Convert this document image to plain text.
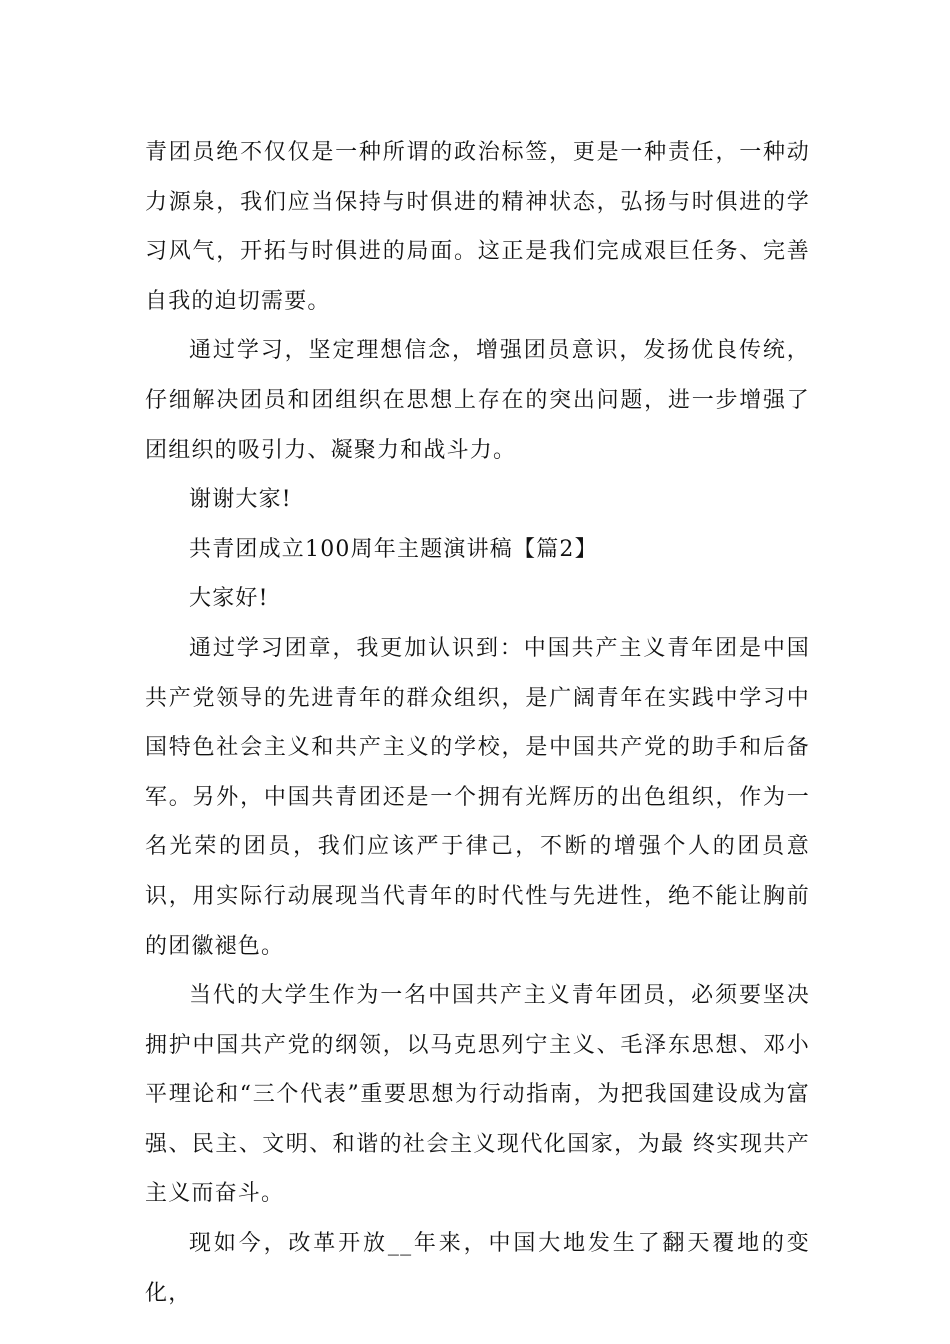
青团员绝不仅仅是一种所谓的政治标签，更是一种责任，一种动力源泉，我们应当保持与时俱进的精神状态，弘扬与时俱进的学习风气，开拓与时俱进的局面。这正是我们完成艰巨任务、完善自我的迫切需要。

通过学习，坚定理想信念，增强团员意识，发扬优良传统，仔细解决团员和团组织在思想上存在的突出问题，进一步增强了团组织的吸引力、凝聚力和战斗力。

谢谢大家!

共青团成立100周年主题演讲稿【篇2】

大家好!

通过学习团章，我更加认识到：中国共产主义青年团是中国共产党领导的先进青年的群众组织，是广阔青年在实践中学习中国特色社会主义和共产主义的学校，是中国共产党的助手和后备军。另外，中国共青团还是一个拥有光辉历的出色组织，作为一名光荣的团员，我们应该严于律己，不断的增强个人的团员意识，用实际行动展现当代青年的时代性与先进性，绝不能让胸前的团徽褪色。

当代的大学生作为一名中国共产主义青年团员，必须要坚决拥护中国共产党的纲领，以马克思列宁主义、毛泽东思想、邓小平理论和“三个代表”重要思想为行动指南，为把我国建设成为富强、民主、文明、和谐的社会主义现代化国家，为最 终实现共产主义而奋斗。

现如今，改革开放__年来，中国大地发生了翻天覆地的变化，
